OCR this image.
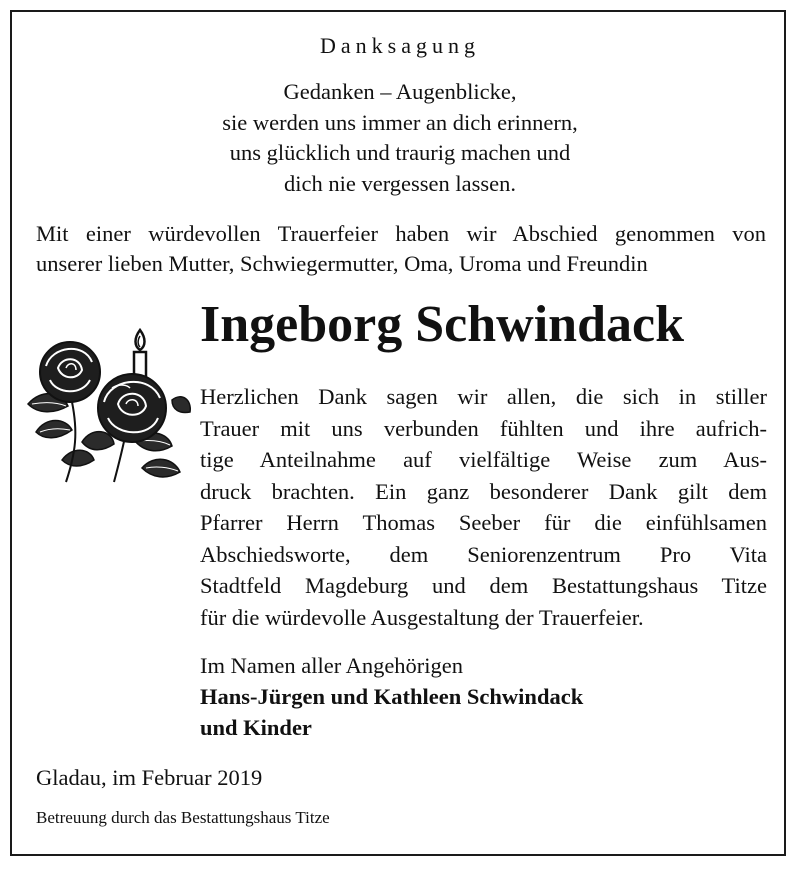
Danksagung
Gedanken – Augenblicke,
sie werden uns immer an dich erinnern,
uns glücklich und traurig machen und
dich nie vergessen lassen.
Mit einer würdevollen Trauerfeier haben wir Abschied genommen von
unserer lieben Mutter, Schwiegermutter, Oma, Uroma und Freundin
Ingeborg Schwindack
Herzlichen Dank sagen wir allen, die sich in stiller
Trauer mit uns verbunden fühlten und ihre aufrich-
tige Anteilnahme auf vielfältige Weise zum Aus-
druck brachten. Ein ganz besonderer Dank gilt dem
Pfarrer Herrn Thomas Seeber für die einfühlsamen
Abschiedsworte, dem Seniorenzentrum Pro Vita
Stadtfeld Magdeburg und dem Bestattungshaus Titze
für die würdevolle Ausgestaltung der Trauerfeier.
Im Namen aller Angehörigen
Hans-Jürgen und Kathleen Schwindack
und Kinder
Gladau, im Februar 2019
Betreuung durch das Bestattungshaus Titze
